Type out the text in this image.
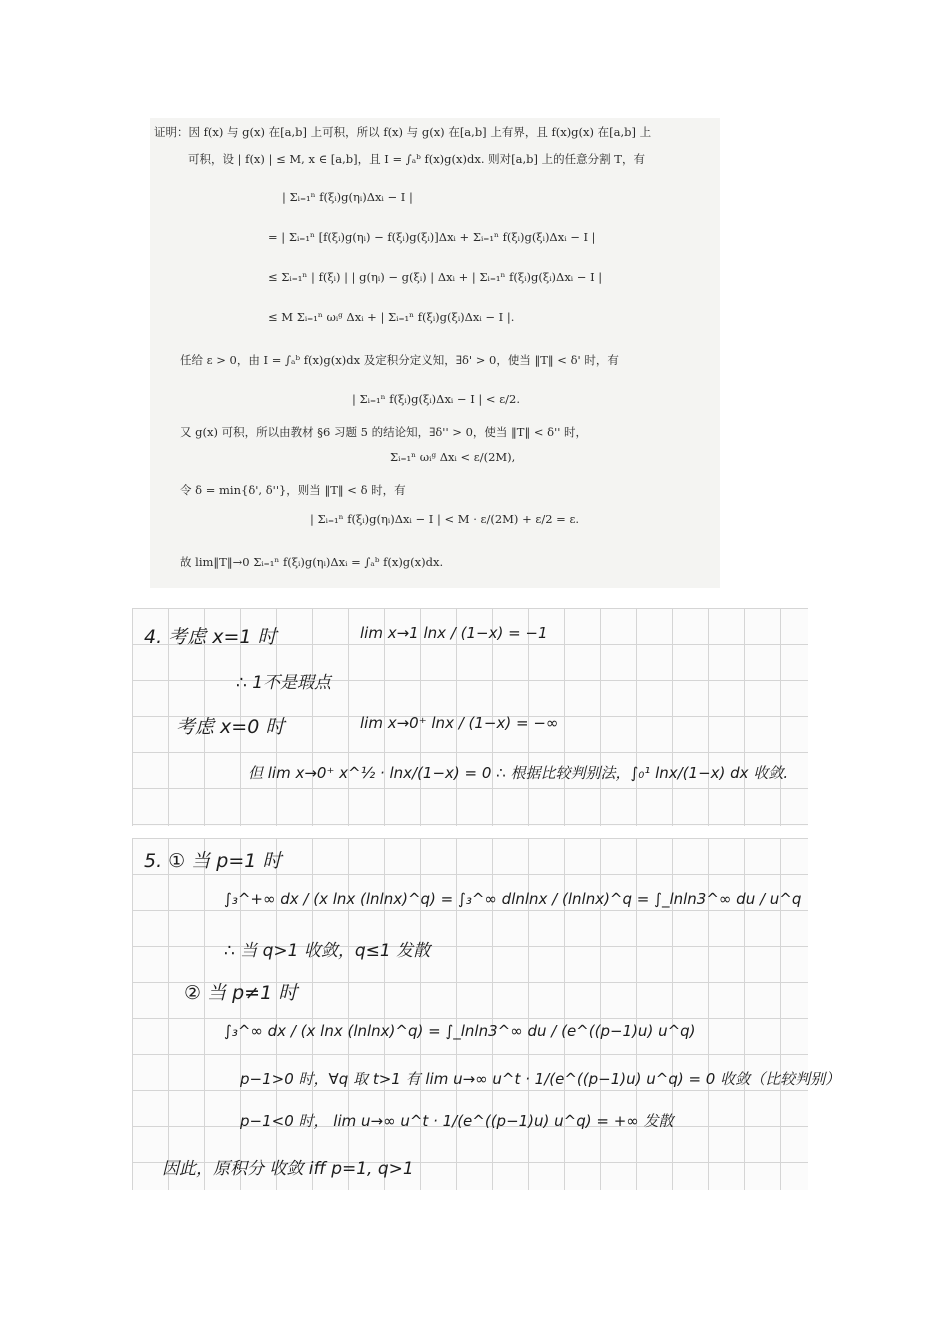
证明：因 f(x) 与 g(x) 在[a,b] 上可积，所以 f(x) 与 g(x) 在[a,b] 上有界，且 f(x)g(x) 在[a,b] 上
可积，设 | f(x) | ≤ M, x ∈ [a,b]，且 I = ∫ₐᵇ f(x)g(x)dx. 则对[a,b] 上的任意分割 T，有
| Σᵢ₌₁ⁿ f(ξᵢ)g(ηᵢ)Δxᵢ − I |
= | Σᵢ₌₁ⁿ [f(ξᵢ)g(ηᵢ) − f(ξᵢ)g(ξᵢ)]Δxᵢ + Σᵢ₌₁ⁿ f(ξᵢ)g(ξᵢ)Δxᵢ − I |
≤ Σᵢ₌₁ⁿ | f(ξᵢ) | | g(ηᵢ) − g(ξᵢ) | Δxᵢ + | Σᵢ₌₁ⁿ f(ξᵢ)g(ξᵢ)Δxᵢ − I |
≤ M Σᵢ₌₁ⁿ ωᵢᵍ Δxᵢ + | Σᵢ₌₁ⁿ f(ξᵢ)g(ξᵢ)Δxᵢ − I |.
任给 ε > 0，由 I = ∫ₐᵇ f(x)g(x)dx 及定积分定义知，∃δ' > 0，使当 ‖T‖ < δ' 时，有
| Σᵢ₌₁ⁿ f(ξᵢ)g(ξᵢ)Δxᵢ − I | < ε/2.
又 g(x) 可积，所以由教材 §6 习题 5 的结论知，∃δ'' > 0，使当 ‖T‖ < δ'' 时，
Σᵢ₌₁ⁿ ωᵢᵍ Δxᵢ < ε/(2M),
令 δ = min{δ', δ''}，则当 ‖T‖ < δ 时，有
| Σᵢ₌₁ⁿ f(ξᵢ)g(ηᵢ)Δxᵢ − I | < M · ε/(2M) + ε/2 = ε.
故 lim‖T‖→0 Σᵢ₌₁ⁿ f(ξᵢ)g(ηᵢ)Δxᵢ = ∫ₐᵇ f(x)g(x)dx.
4. 考虑 x=1 时	lim x→1 lnx / (1−x) = −1
∴ 1不是瑕点
考虑 x=0 时	lim x→0⁺ lnx / (1−x) = −∞
但 lim x→0⁺ x^½ · lnx/(1−x) = 0 ∴ 根据比较判别法，∫₀¹ lnx/(1−x) dx 收敛.
5. ① 当 p=1 时
∫₃^+∞ dx / (x lnx (lnlnx)^q) = ∫₃^∞ dlnlnx / (lnlnx)^q = ∫_lnln3^∞ du / u^q
∴ 当 q>1 收敛，q≤1 发散
② 当 p≠1 时
∫₃^∞ dx / (x lnx (lnlnx)^q) = ∫_lnln3^∞ du / (e^((p−1)u) u^q)
p−1>0 时，∀q 取 t>1 有 lim u→∞ u^t · 1/(e^((p−1)u) u^q) = 0 收敛（比较判别）
p−1<0 时， lim u→∞ u^t · 1/(e^((p−1)u) u^q) = +∞ 发散
因此，原积分 收敛 iff p=1, q>1
